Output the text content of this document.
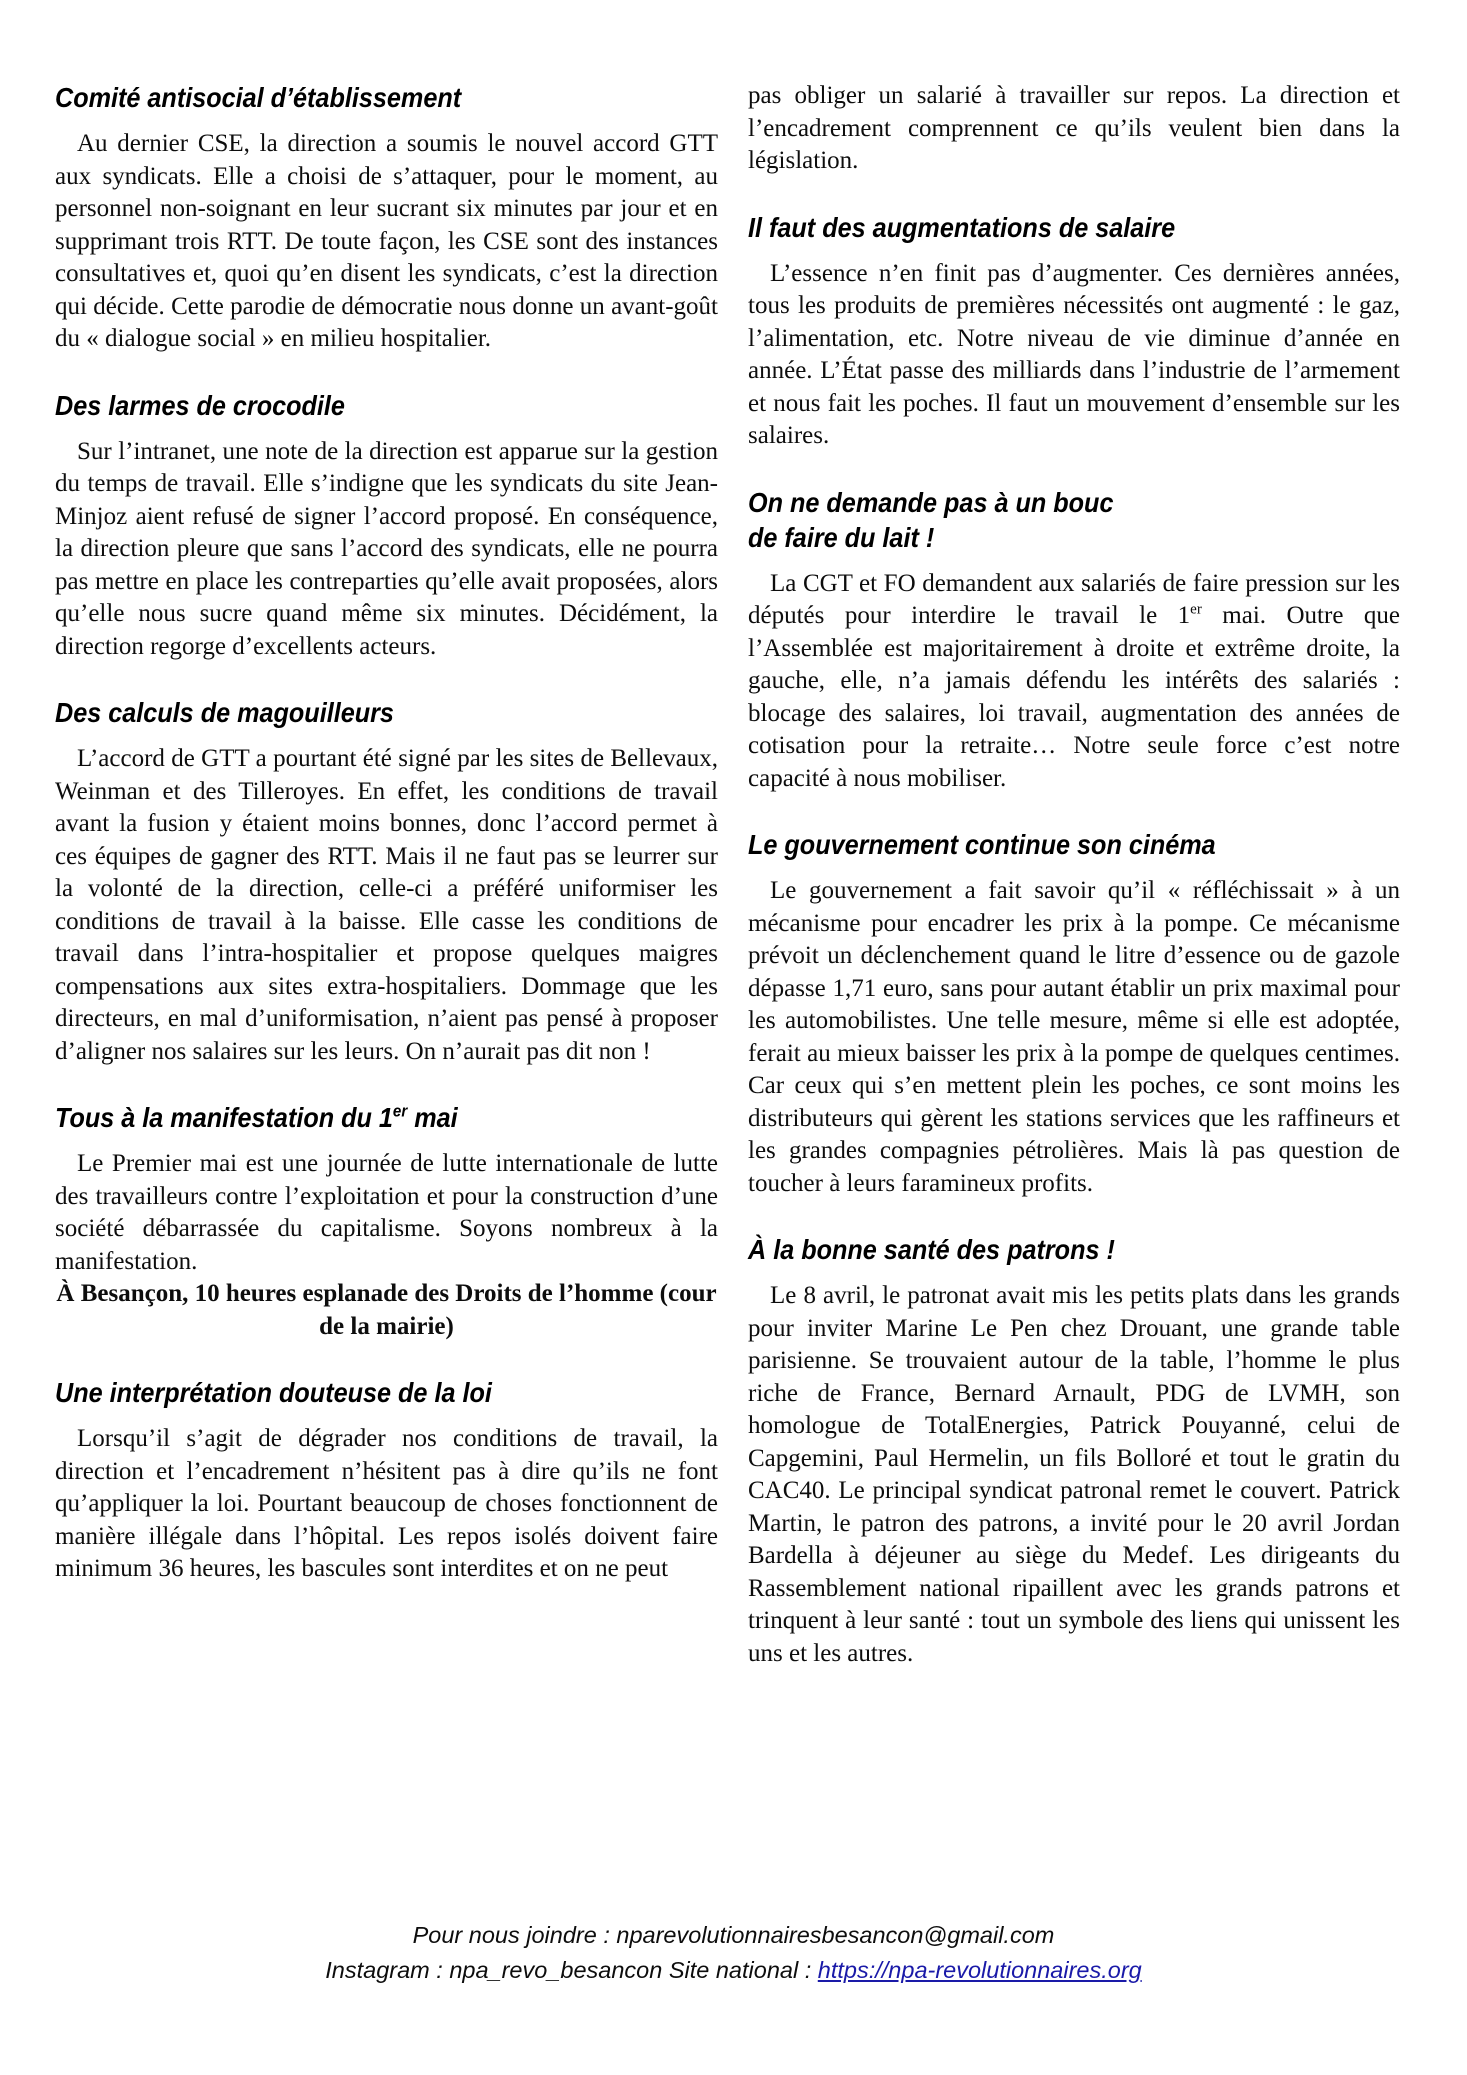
Comité antisocial d’établissement

Au dernier CSE, la direction a soumis le nouvel accord GTT aux syndicats. Elle a choisi de s’attaquer, pour le moment, au personnel non-soignant en leur sucrant six minutes par jour et en supprimant trois RTT. De toute façon, les CSE sont des instances consultatives et, quoi qu’en disent les syndicats, c’est la direction qui décide. Cette parodie de démocratie nous donne un avant-goût du « dialogue social » en milieu hospitalier.

Des larmes de crocodile

Sur l’intranet, une note de la direction est apparue sur la gestion du temps de travail. Elle s’indigne que les syndicats du site Jean-Minjoz aient refusé de signer l’accord proposé. En conséquence, la direction pleure que sans l’accord des syndicats, elle ne pourra pas mettre en place les contreparties qu’elle avait proposées, alors qu’elle nous sucre quand même six minutes. Décidément, la direction regorge d’excellents acteurs.

Des calculs de magouilleurs

L’accord de GTT a pourtant été signé par les sites de Bellevaux, Weinman et des Tilleroyes. En effet, les conditions de travail avant la fusion y étaient moins bonnes, donc l’accord permet à ces équipes de gagner des RTT. Mais il ne faut pas se leurrer sur la volonté de la direction, celle-ci a préféré uniformiser les conditions de travail à la baisse. Elle casse les conditions de travail dans l’intra-hospitalier et propose quelques maigres compensations aux sites extra-hospitaliers. Dommage que les directeurs, en mal d’uniformisation, n’aient pas pensé à proposer d’aligner nos salaires sur les leurs. On n’aurait pas dit non !

Tous à la manifestation du 1er mai

Le Premier mai est une journée de lutte internationale de lutte des travailleurs contre l’exploitation et pour la construction d’une société débarrassée du capitalisme. Soyons nombreux à la manifestation.

À Besançon, 10 heures esplanade des Droits de l’homme (cour de la mairie)

Une interprétation douteuse de la loi

Lorsqu’il s’agit de dégrader nos conditions de travail, la direction et l’encadrement n’hésitent pas à dire qu’ils ne font qu’appliquer la loi. Pourtant beaucoup de choses fonctionnent de manière illégale dans l’hôpital. Les repos isolés doivent faire minimum 36 heures, les bascules sont interdites et on ne peut

pas obliger un salarié à travailler sur repos. La direction et l’encadrement comprennent ce qu’ils veulent bien dans la législation.

Il faut des augmentations de salaire

L’essence n’en finit pas d’augmenter. Ces dernières années, tous les produits de premières nécessités ont augmenté : le gaz, l’alimentation, etc. Notre niveau de vie diminue d’année en année. L’État passe des milliards dans l’industrie de l’armement et nous fait les poches. Il faut un mouvement d’ensemble sur les salaires.

On ne demande pas à un bouc
de faire du lait !

La CGT et FO demandent aux salariés de faire pression sur les députés pour interdire le travail le 1er mai. Outre que l’Assemblée est majoritairement à droite et extrême droite, la gauche, elle, n’a jamais défendu les intérêts des salariés : blocage des salaires, loi travail, augmentation des années de cotisation pour la retraite… Notre seule force c’est notre capacité à nous mobiliser.

Le gouvernement continue son cinéma

Le gouvernement a fait savoir qu’il « réfléchissait » à un mécanisme pour encadrer les prix à la pompe. Ce mécanisme prévoit un déclenchement quand le litre d’essence ou de gazole dépasse 1,71 euro, sans pour autant établir un prix maximal pour les automobilistes. Une telle mesure, même si elle est adoptée, ferait au mieux baisser les prix à la pompe de quelques centimes. Car ceux qui s’en mettent plein les poches, ce sont moins les distributeurs qui gèrent les stations services que les raffineurs et les grandes compagnies pétrolières. Mais là pas question de toucher à leurs faramineux profits.

À la bonne santé des patrons !

Le 8 avril, le patronat avait mis les petits plats dans les grands pour inviter Marine Le Pen chez Drouant, une grande table parisienne. Se trouvaient autour de la table, l’homme le plus riche de France, Bernard Arnault, PDG de LVMH, son homologue de TotalEnergies, Patrick Pouyanné, celui de Capgemini, Paul Hermelin, un fils Bolloré et tout le gratin du CAC40. Le principal syndicat patronal remet le couvert. Patrick Martin, le patron des patrons, a invité pour le 20 avril Jordan Bardella à déjeuner au siège du Medef. Les dirigeants du Rassemblement national ripaillent avec les grands patrons et trinquent à leur santé : tout un symbole des liens qui unissent les uns et les autres.

Pour nous joindre : nparevolutionnairesbesancon@gmail.com
Instagram : npa_revo_besancon Site national : https://npa-revolutionnaires.org
